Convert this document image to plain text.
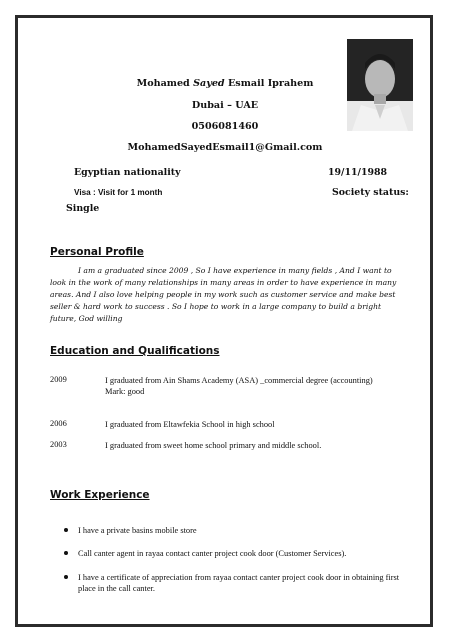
Mohamed Sayed Esmail Iprahem
Dubai – UAE
0506081460
MohamedSayedEsmail1@Gmail.com
Egyptian nationality	19/11/1988
Visa : Visit for 1 month	Society status:
Single
Personal Profile
I am a graduated since 2009 , So I have experience in many fields , And I want to look in the work of many relationships in many areas in order to have experience in many areas. And I also love helping people in my work such as customer service and make best seller & hard work to success . So I hope to work in a large company to build a bright future, God willing
Education and Qualifications
2009	I graduated from Ain Shams Academy (ASA) _commercial degree (accounting)
Mark: good
2006	I graduated from Eltawfekia School in high school
2003	I graduated from sweet home school primary and middle school.
Work Experience
I have a private basins mobile store
Call canter agent in rayaa contact canter project cook door (Customer Services).
I have a certificate of appreciation from rayaa contact canter project cook door in obtaining first place in the call canter.
